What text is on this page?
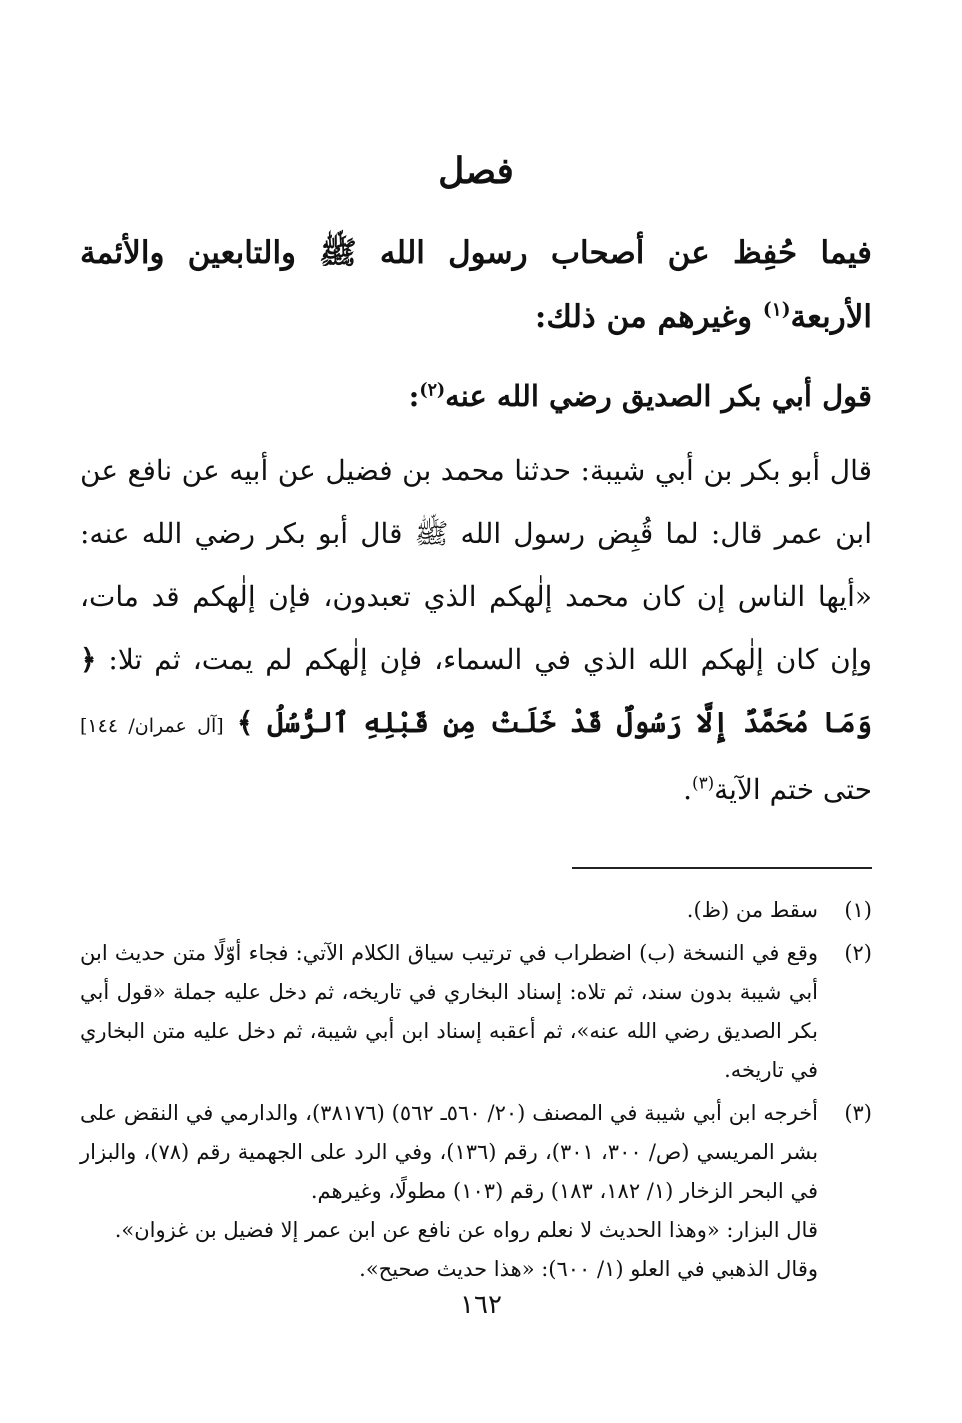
فصل

فيما حُفِظ عن أصحاب رسول الله ﷺ والتابعين والأئمة الأربعة$^{(١)}$ وغيرهم من ذلك:

قول أبي بكر الصديق رضي الله عنه$^{(٢)}$:

قال أبو بكر بن أبي شيبة: حدثنا محمد بن فضيل عن أبيه عن نافع عن ابن عمر قال: لما قُبِض رسول الله ﷺ قال أبو بكر رضي الله عنه: «أيها الناس إن كان محمد إلٰهكم الذي تعبدون، فإن إلٰهكم قد مات، وإن كان إلٰهكم الله الذي في السماء، فإن إلٰهكم لم يمت، ثم تلا: ﴿ وَمَا مُحَمَّدٌ إِلَّا رَسُولٌ قَدْ خَلَتْ مِن قَبْلِهِ ٱلرُّسُلُ ﴾ [آل عمران/ ١٤٤] حتى ختم الآية$^{(٣)}$.

(١)
سقط من (ظ).
(٢)
وقع في النسخة (ب) اضطراب في ترتيب سياق الكلام الآتي: فجاء أوّلًا متن حديث ابن أبي شيبة بدون سند، ثم تلاه: إسناد البخاري في تاريخه، ثم دخل عليه جملة «قول أبي بكر الصديق رضي الله عنه»، ثم أعقبه إسناد ابن أبي شيبة، ثم دخل عليه متن البخاري في تاريخه.
(٣)
أخرجه ابن أبي شيبة في المصنف (٢٠/ ٥٦٠ـ ٥٦٢) (٣٨١٧٦)، والدارمي في النقض على بشر المريسي (ص/ ٣٠٠، ٣٠١)، رقم (١٣٦)، وفي الرد على الجهمية رقم (٧٨)، والبزار في البحر الزخار (١/ ١٨٢، ١٨٣) رقم (١٠٣) مطولًا، وغيرهم.
قال البزار: «وهذا الحديث لا نعلم رواه عن نافع عن ابن عمر إلا فضيل بن غزوان».
وقال الذهبي في العلو (١/ ٦٠٠): «هذا حديث صحيح».
١٦٢
